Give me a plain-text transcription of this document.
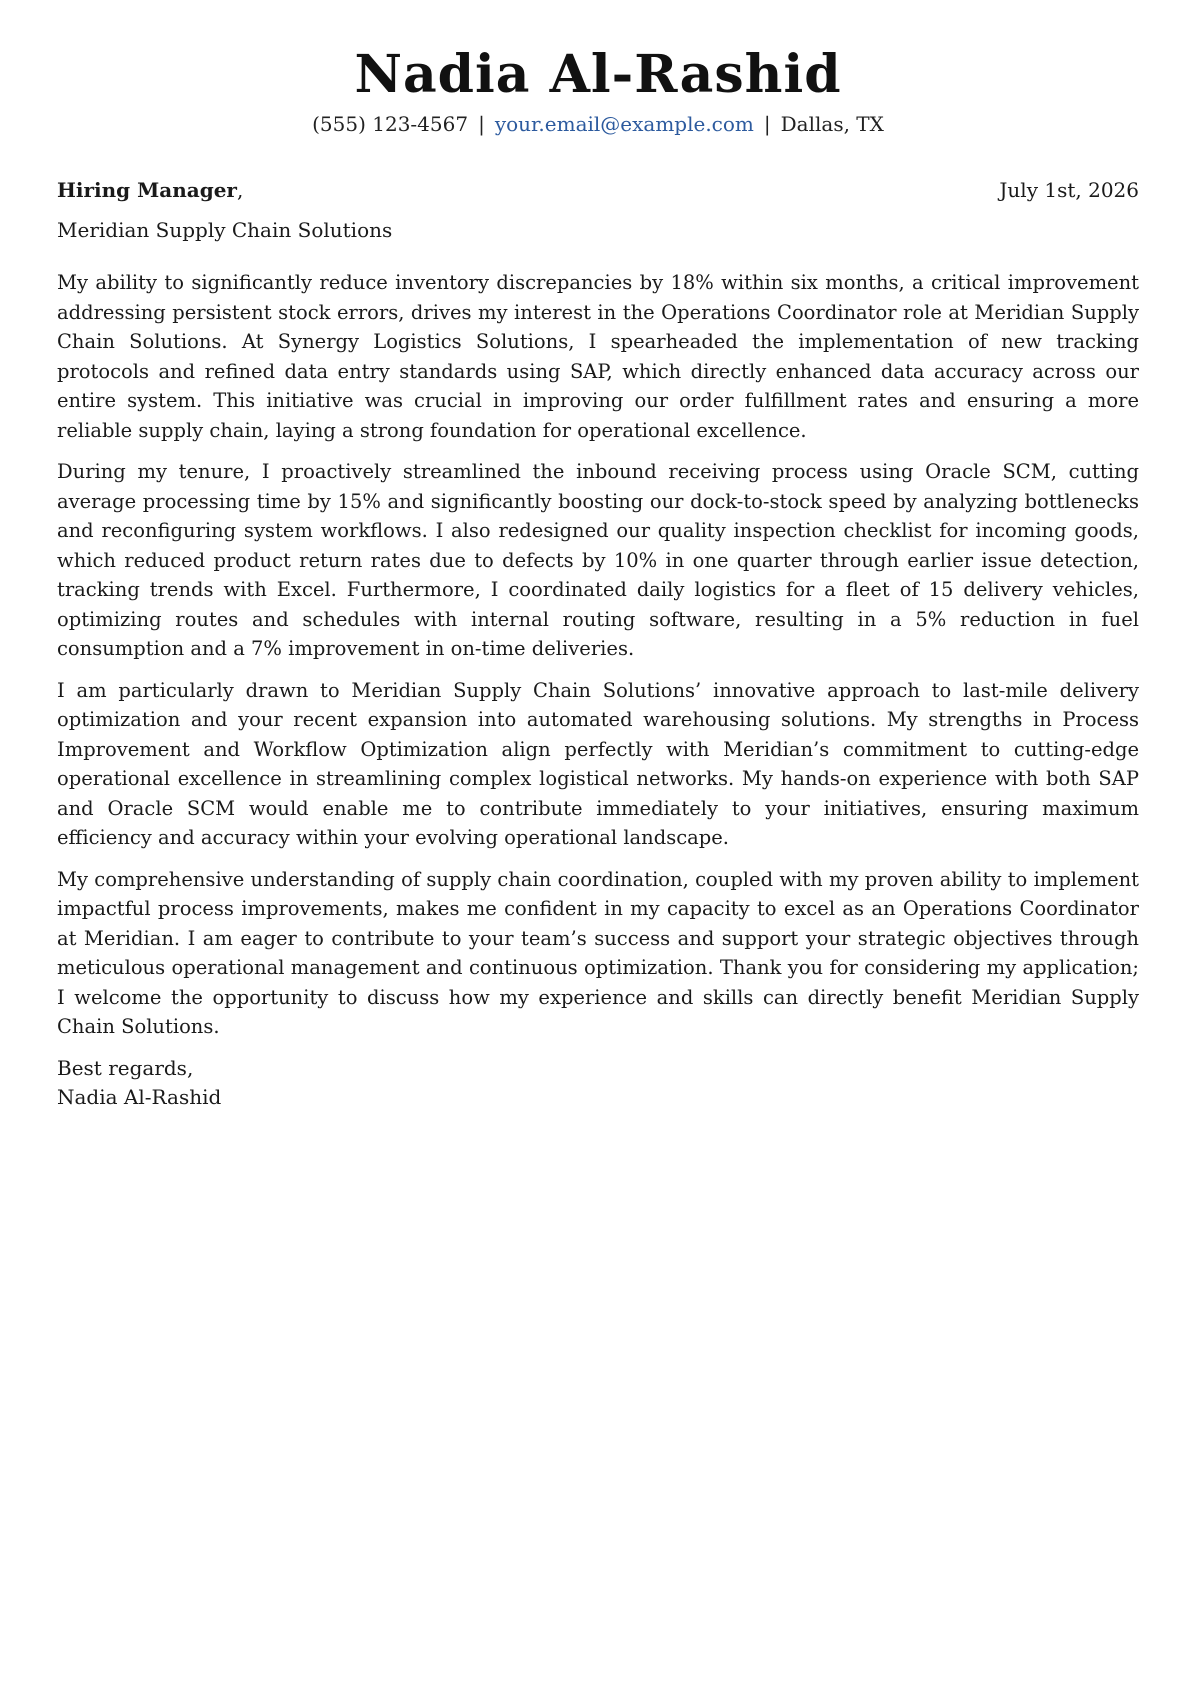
Nadia Al-Rashid
(555) 123-4567 | your.email@example.com | Dallas, TX
Hiring Manager,	July 1st, 2026
Meridian Supply Chain Solutions

My ability to significantly reduce inventory discrepancies by 18% within six months, a critical improvement addressing persistent stock errors, drives my interest in the Operations Coordinator role at Meridian Supply Chain Solutions. At Synergy Logistics Solutions, I spearheaded the implementation of new tracking protocols and refined data entry standards using SAP, which directly enhanced data accuracy across our entire system. This initiative was crucial in improving our order fulfillment rates and ensuring a more reliable supply chain, laying a strong foundation for operational excellence.

During my tenure, I proactively streamlined the inbound receiving process using Oracle SCM, cutting average processing time by 15% and significantly boosting our dock-to-stock speed by analyzing bottlenecks and reconfiguring system workflows. I also redesigned our quality inspection checklist for incoming goods, which reduced product return rates due to defects by 10% in one quarter through earlier issue detection, tracking trends with Excel. Furthermore, I coordinated daily logistics for a fleet of 15 delivery vehicles, optimizing routes and schedules with internal routing software, resulting in a 5% reduction in fuel consumption and a 7% improvement in on-time deliveries.

I am particularly drawn to Meridian Supply Chain Solutions’ innovative approach to last-mile delivery optimization and your recent expansion into automated warehousing solutions. My strengths in Process Improvement and Workflow Optimization align perfectly with Meridian’s commitment to cutting-edge operational excellence in streamlining complex logistical networks. My hands-on experience with both SAP and Oracle SCM would enable me to contribute immediately to your initiatives, ensuring maximum efficiency and accuracy within your evolving operational landscape.

My comprehensive understanding of supply chain coordination, coupled with my proven ability to implement impactful process improvements, makes me confident in my capacity to excel as an Operations Coordinator at Meridian. I am eager to contribute to your team’s success and support your strategic objectives through meticulous operational management and continuous optimization. Thank you for considering my application; I welcome the opportunity to discuss how my experience and skills can directly benefit Meridian Supply Chain Solutions.

Best regards,
Nadia Al-Rashid
